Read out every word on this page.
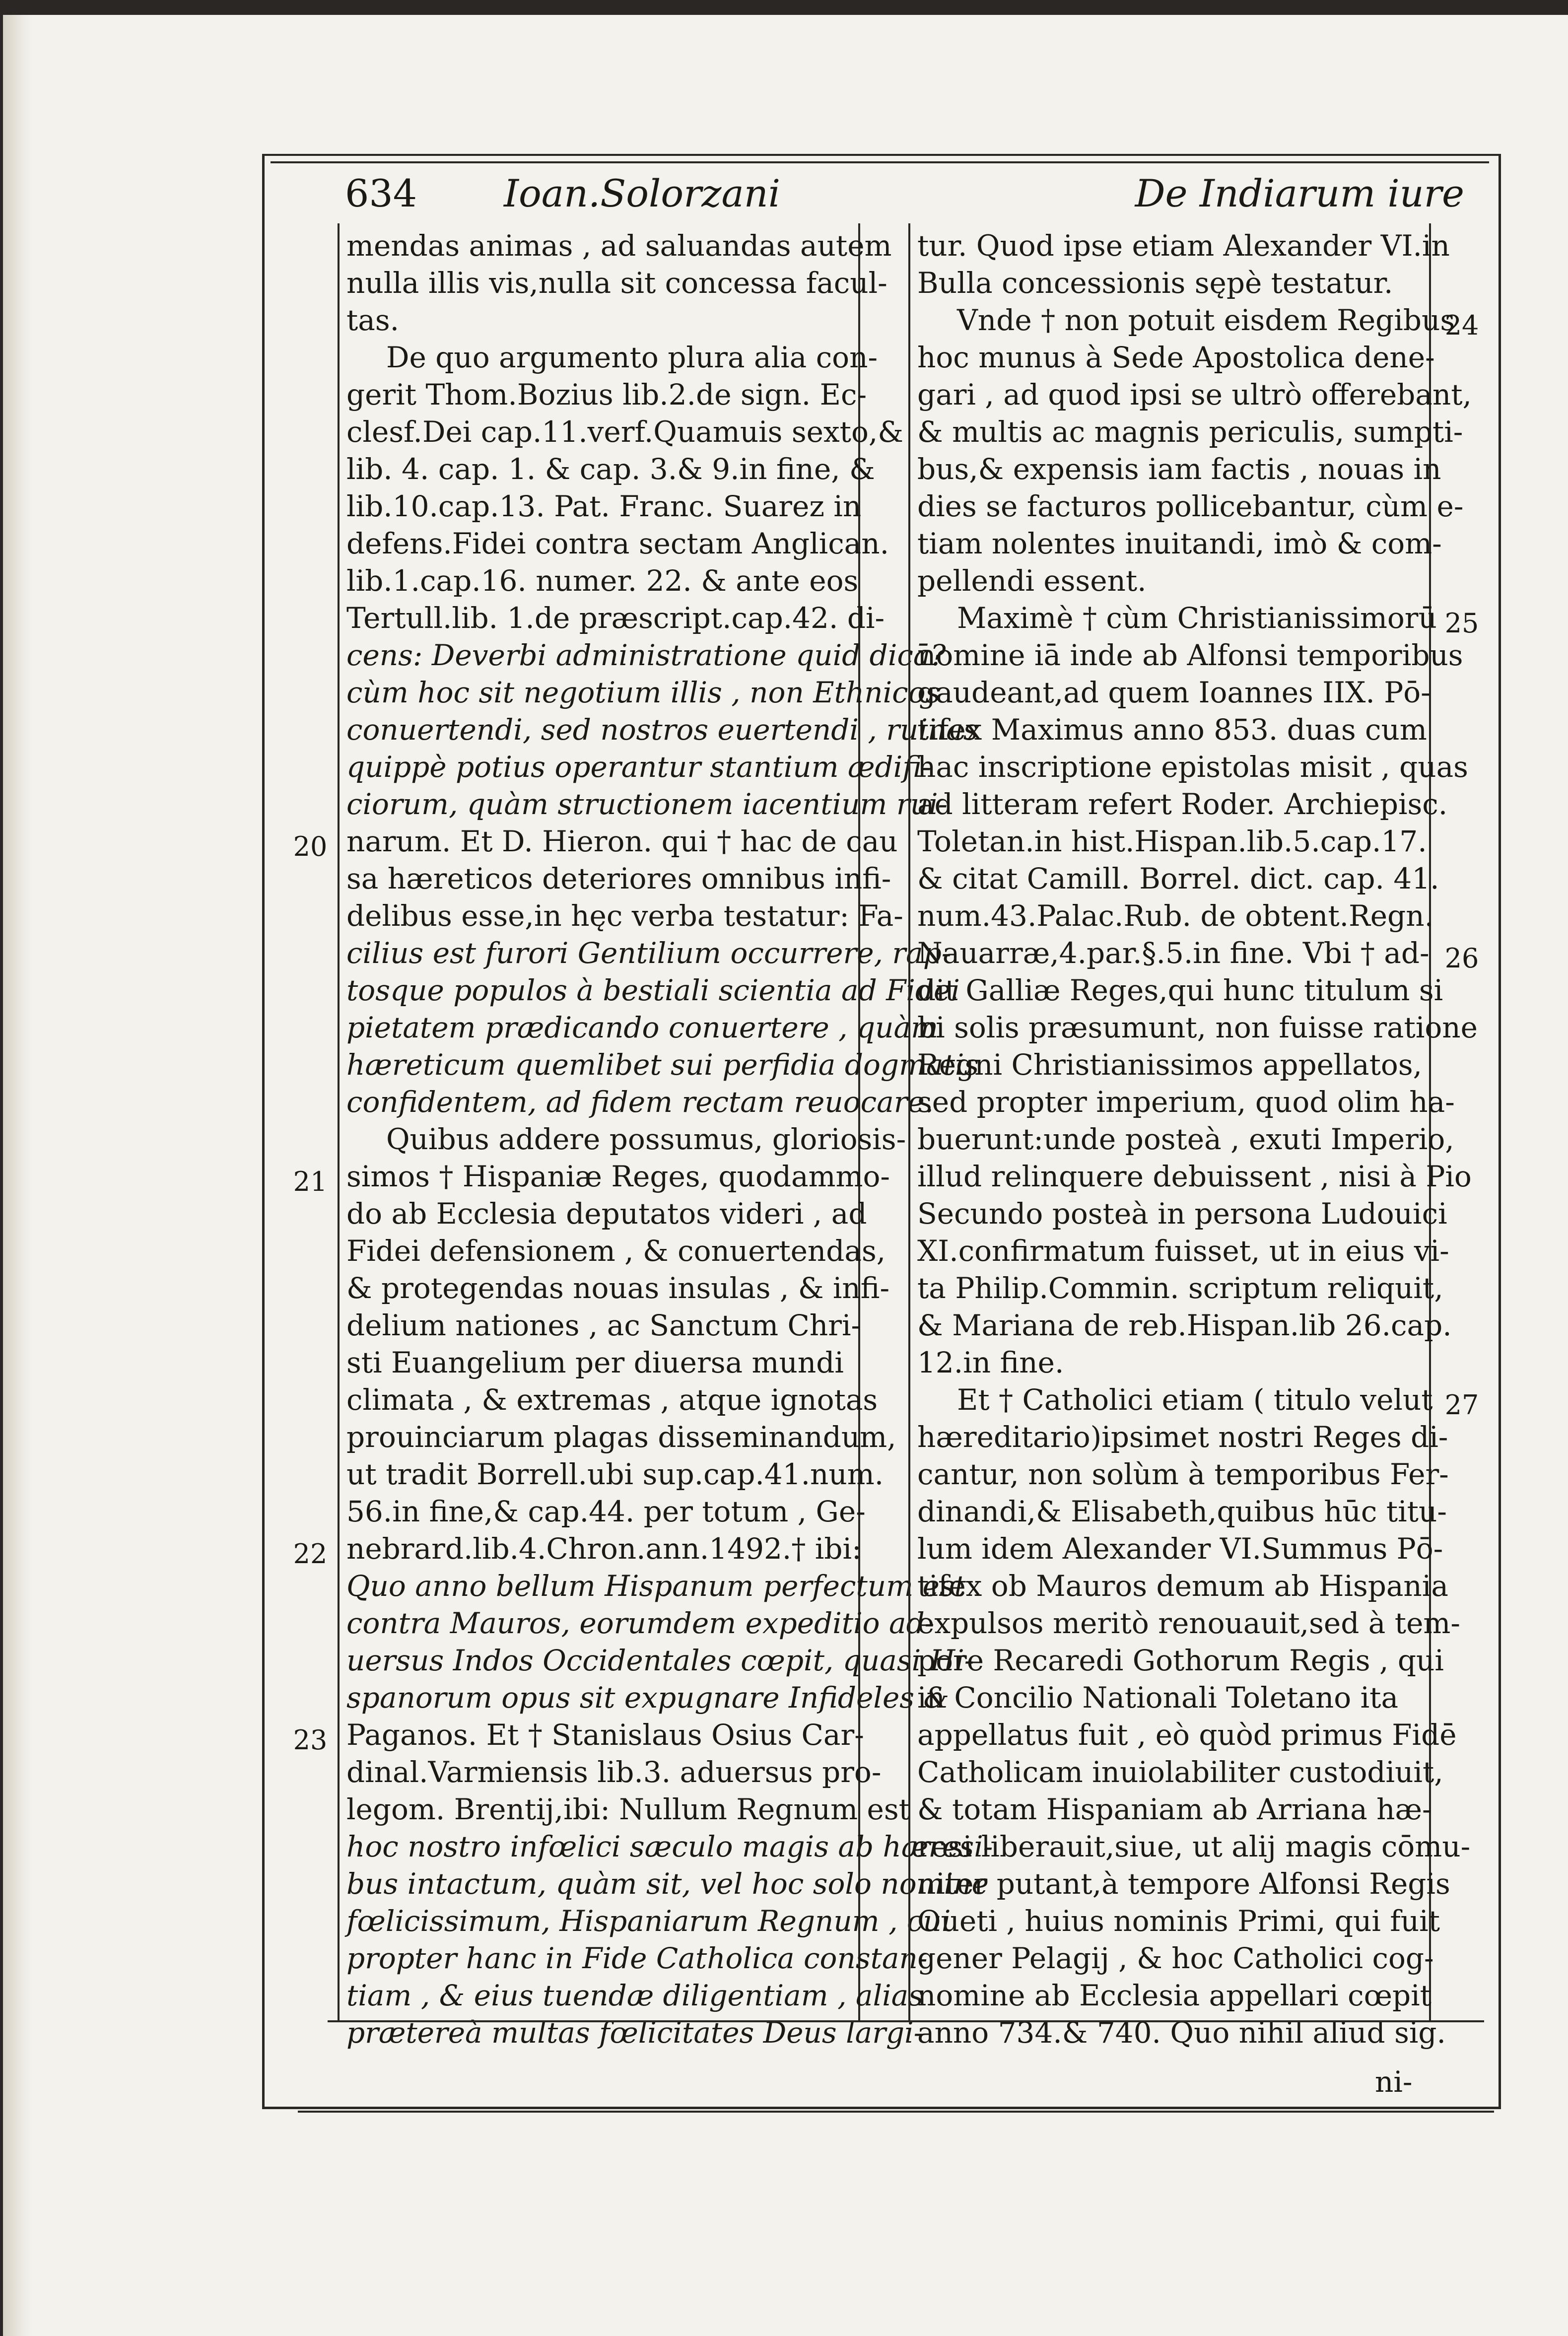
634 Ioan.Solorzani	De Indiarum iure
mendas animas , ad saluandas autem
nulla illis vis,nulla sit concessa facul-
tas.
De quo argumento plura alia con-
gerit Thom.Bozius lib.2.de sign. Ec-
clesf.Dei cap.11.verf.Quamuis sexto,&
lib. 4. cap. 1. & cap. 3.& 9.in fine, &
lib.10.cap.13. Pat. Franc. Suarez in
defens.Fidei contra sectam Anglican.
lib.1.cap.16. numer. 22. & ante eos
Tertull.lib. 1.de præscript.cap.42. di-
cens: Deverbi administratione quid dicā?
cùm hoc sit negotium illis , non Ethnicos
conuertendi, sed nostros euertendi , ruinas
quippè potius operantur stantium ædifi-
ciorum, quàm structionem iacentium rui-
narum. Et D. Hieron. qui † hac de cau
sa hæreticos deteriores omnibus infi-
delibus esse,in hęc verba testatur: Fa-
cilius est furori Gentilium occurrere, rap-
tosque populos à bestiali scientia ad Fidei
pietatem prædicando conuertere , quàm
hæreticum quemlibet sui perfidia dogmatis
confidentem, ad fidem rectam reuocare.
Quibus addere possumus, gloriosis-
simos † Hispaniæ Reges, quodammo-
do ab Ecclesia deputatos videri , ad
Fidei defensionem , & conuertendas,
& protegendas nouas insulas , & infi-
delium nationes , ac Sanctum Chri-
sti Euangelium per diuersa mundi
climata , & extremas , atque ignotas
prouinciarum plagas disseminandum,
ut tradit Borrell.ubi sup.cap.41.num.
56.in fine,& cap.44. per totum , Ge-
nebrard.lib.4.Chron.ann.1492.† ibi:
Quo anno bellum Hispanum perfectum est
contra Mauros, eorumdem expeditio ad-
uersus Indos Occidentales cœpit, quasi Hi-
spanorum opus sit expugnare Infideles &
Paganos. Et † Stanislaus Osius Car-
dinal.Varmiensis lib.3. aduersus pro-
legom. Brentij,ibi: Nullum Regnum est
hoc nostro infœlici sæculo magis ab hæresi-
bus intactum, quàm sit, vel hoc solo nomine
fœlicissimum, Hispaniarum Regnum , cui
propter hanc in Fide Catholica constan-
tiam , & eius tuendæ diligentiam , alias
prætereà multas fœlicitates Deus largi-
tur. Quod ipse etiam Alexander VI.in
Bulla concessionis sępè testatur.
Vnde † non potuit eisdem Regibus
hoc munus à Sede Apostolica dene-
gari , ad quod ipsi se ultrò offerebant,
& multis ac magnis periculis, sumpti-
bus,& expensis iam factis , nouas in
dies se facturos pollicebantur, cùm e-
tiam nolentes inuitandi, imò & com-
pellendi essent.
Maximè † cùm Christianissimorū
nomine iā inde ab Alfonsi temporibus
gaudeant,ad quem Ioannes IIX. Pō-
tifex Maximus anno 853. duas cum
hac inscriptione epistolas misit , quas
ad litteram refert Roder. Archiepisc.
Toletan.in hist.Hispan.lib.5.cap.17.
& citat Camill. Borrel. dict. cap. 41.
num.43.Palac.Rub. de obtent.Regn.
Nauarræ,4.par.§.5.in fine. Vbi † ad-
dit Galliæ Reges,qui hunc titulum si
bi solis præsumunt, non fuisse ratione
Regni Christianissimos appellatos,
sed propter imperium, quod olim ha-
buerunt:unde posteà , exuti Imperio,
illud relinquere debuissent , nisi à Pio
Secundo posteà in persona Ludouici
XI.confirmatum fuisset, ut in eius vi-
ta Philip.Commin. scriptum reliquit,
& Mariana de reb.Hispan.lib 26.cap.
12.in fine.
Et † Catholici etiam ( titulo velut
hæreditario)ipsimet nostri Reges di-
cantur, non solùm à temporibus Fer-
dinandi,& Elisabeth,quibus hūc titu-
lum idem Alexander VI.Summus Pō-
tifex ob Mauros demum ab Hispania
expulsos meritò renouauit,sed à tem-
pore Recaredi Gothorum Regis , qui
in Concilio Nationali Toletano ita
appellatus fuit , eò quòd primus Fidē
Catholicam inuiolabiliter custodiuit,
& totam Hispaniam ab Arriana hæ-
resi liberauit,siue, ut alij magis cōmu-
niter putant,à tempore Alfonsi Regis
Oueti , huius nominis Primi, qui fuit
gener Pelagij , & hoc Catholici cog-
nomine ab Ecclesia appellari cœpit
anno 734.& 740. Quo nihil aliud sig.
20
21
22
23
24
25
26
27
ni-
